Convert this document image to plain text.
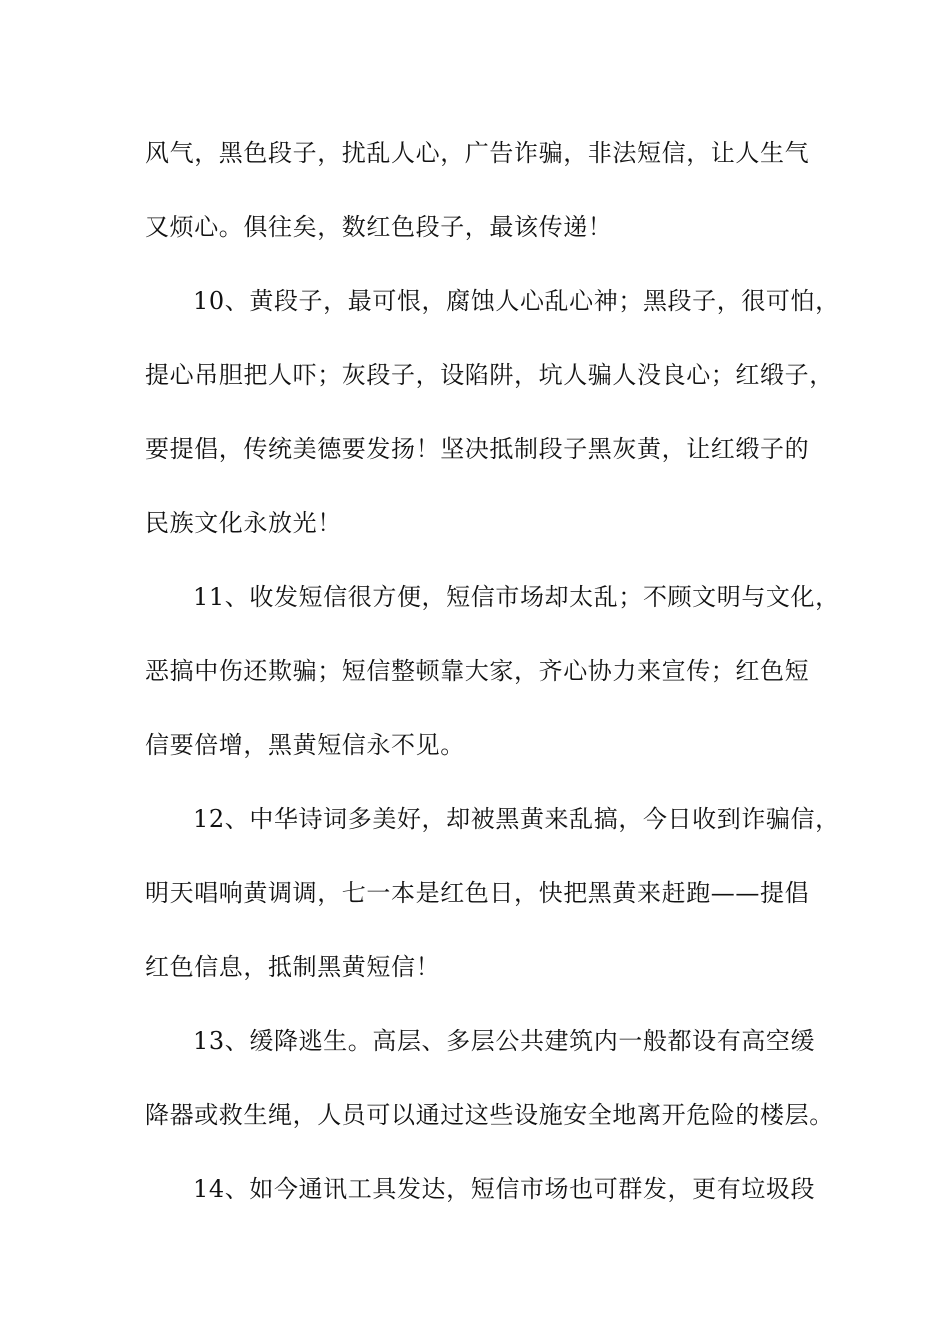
风气，黑色段子，扰乱人心，广告诈骗，非法短信，让人生气
又烦心。俱往矣，数红色段子，最该传递！
10、黄段子，最可恨，腐蚀人心乱心神；黑段子，很可怕，
提心吊胆把人吓；灰段子，设陷阱，坑人骗人没良心；红缎子，
要提倡，传统美德要发扬！坚决抵制段子黑灰黄，让红缎子的
民族文化永放光！
11、收发短信很方便，短信市场却太乱；不顾文明与文化，
恶搞中伤还欺骗；短信整顿靠大家，齐心协力来宣传；红色短
信要倍增，黑黄短信永不见。
12、中华诗词多美好，却被黑黄来乱搞，今日收到诈骗信，
明天唱响黄调调，七一本是红色日，快把黑黄来赶跑——提倡
红色信息，抵制黑黄短信！
13、缓降逃生。高层、多层公共建筑内一般都设有高空缓
降器或救生绳，人员可以通过这些设施安全地离开危险的楼层。
14、如今通讯工具发达，短信市场也可群发，更有垃圾段
